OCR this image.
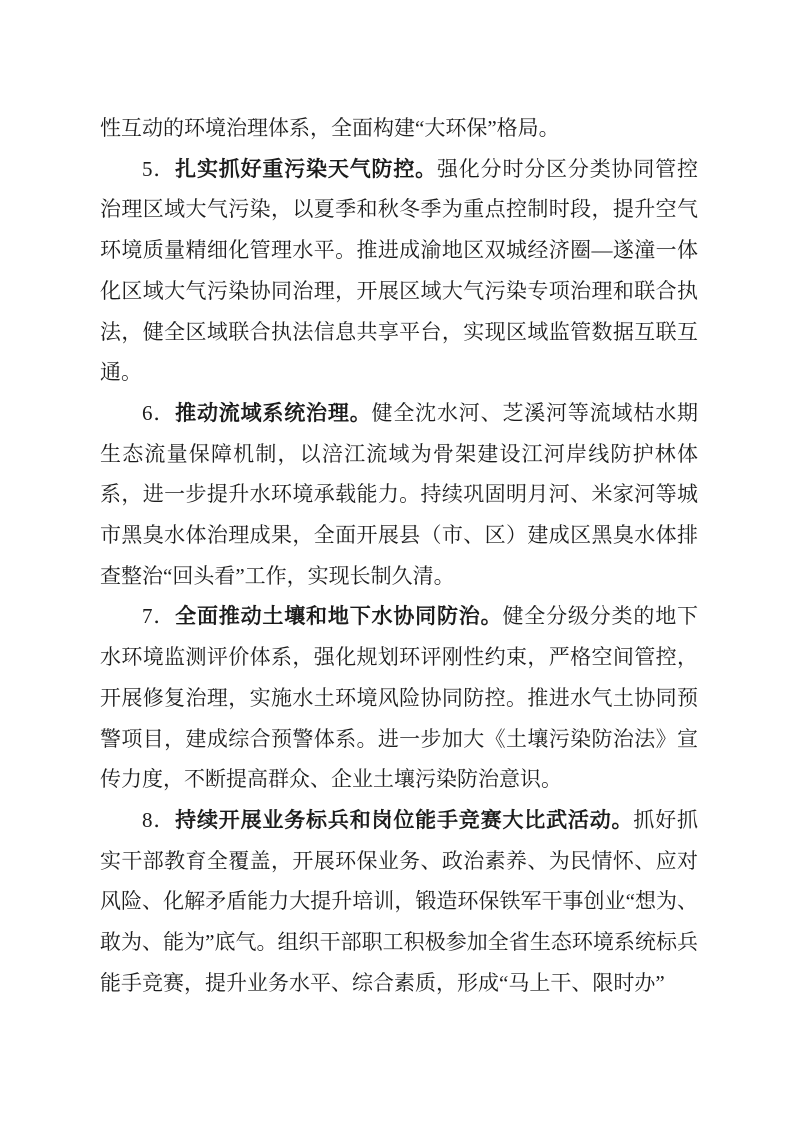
性互动的环境治理体系，全面构建“大环保”格局。

5．扎实抓好重污染天气防控。强化分时分区分类协同管控治理区域大气污染，以夏季和秋冬季为重点控制时段，提升空气环境质量精细化管理水平。推进成渝地区双城经济圈—遂潼一体化区域大气污染协同治理，开展区域大气污染专项治理和联合执法，健全区域联合执法信息共享平台，实现区域监管数据互联互通。

6．推动流域系统治理。健全沈水河、芝溪河等流域枯水期生态流量保障机制，以涪江流域为骨架建设江河岸线防护林体系，进一步提升水环境承载能力。持续巩固明月河、米家河等城市黑臭水体治理成果，全面开展县（市、区）建成区黑臭水体排查整治“回头看”工作，实现长制久清。

7．全面推动土壤和地下水协同防治。健全分级分类的地下水环境监测评价体系，强化规划环评刚性约束，严格空间管控，开展修复治理，实施水土环境风险协同防控。推进水气土协同预警项目，建成综合预警体系。进一步加大《土壤污染防治法》宣传力度，不断提高群众、企业土壤污染防治意识。

8．持续开展业务标兵和岗位能手竞赛大比武活动。抓好抓实干部教育全覆盖，开展环保业务、政治素养、为民情怀、应对风险、化解矛盾能力大提升培训，锻造环保铁军干事创业“想为、敢为、能为”底气。组织干部职工积极参加全省生态环境系统标兵能手竞赛，提升业务水平、综合素质，形成“马上干、限时办”
